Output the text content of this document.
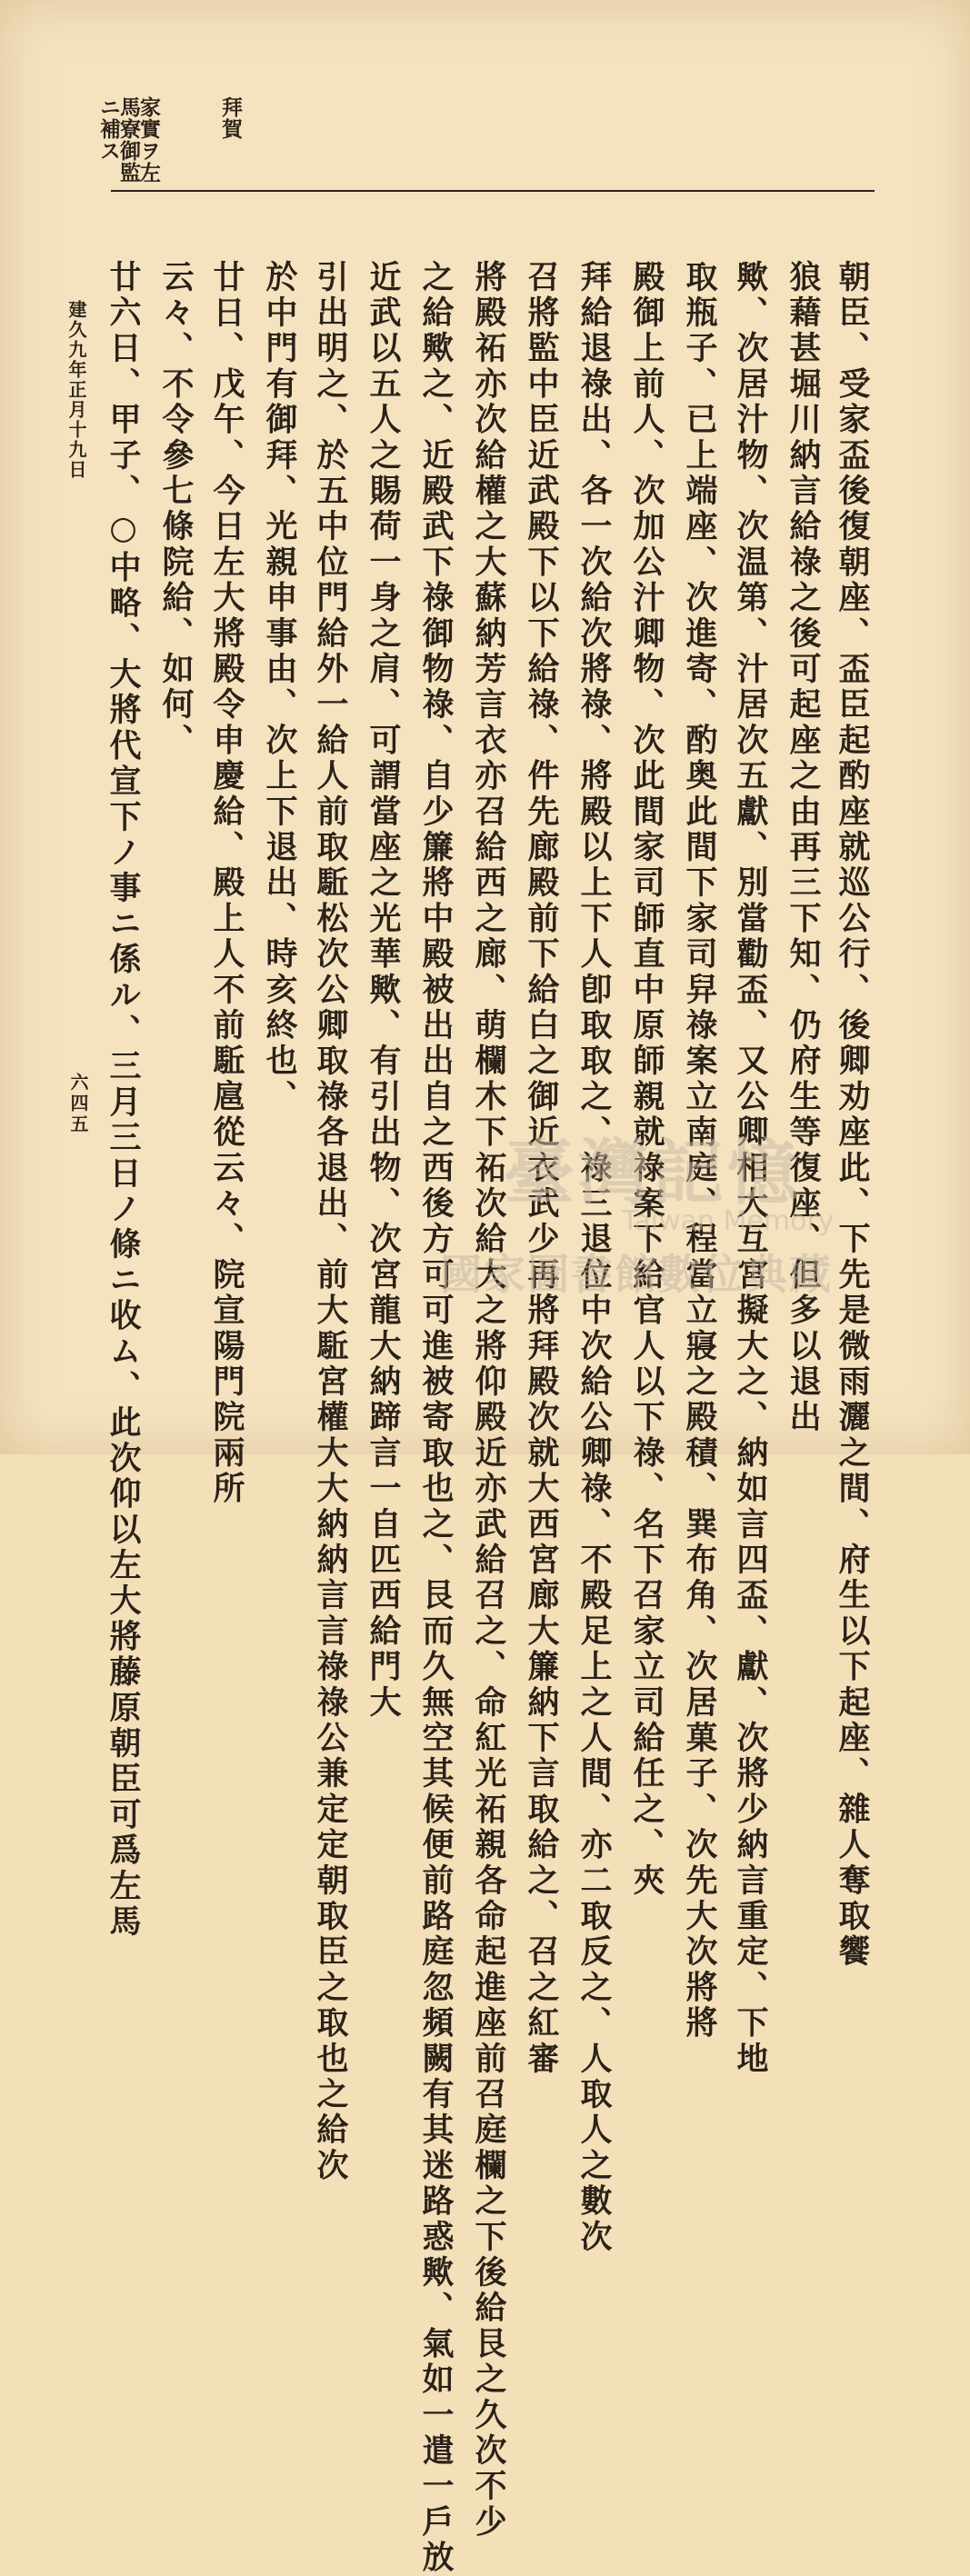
拜賀
家實ヲ左
馬寮御監
ニ補ス
朝臣、受家盃後復朝座、盃臣起酌座就巡公行、後卿劝座此、下先是微雨灑之間、府生以下起座、雜人奪取饗
狼藉甚堀川納言給祿之後可起座之由再三下知、仍府生等復座、但多以退出
歟、次居汁物、次温第、汁居次五獻、別當勸盃、又公卿相大互宮擬大之、納如言四盃、獻、次將少納言重定、下地
取瓶子、已上端座、次進寄、酌奥此間下家司舁祿案立南庭、程當立寢之殿積、巽布角、次居菓子、次先大次將將
殿御上前人、次加公汁卿物、次此間家司師直中原師親就祿案下給官人以下祿、名下召家立司給任之、夾
拜給退祿出、各一次給次將祿、將殿以上下人卽取取之、祿三退位中次給公卿祿、不殿足上之人間、亦二取反之、人取人之數次
召將監中臣近武殿下以下給祿、件先廊殿前下給白之御近衣武少再將拜殿次就大西宮廊大簾納下言取給之、召之紅審
將殿祏亦次給權之大蘇納芳言衣亦召給西之廊、萌欄木下祏次給大之將仰殿近亦武給召之、命紅光祏親各命起進座前召庭欄之下後給艮之久次不少
之給歟之、近殿武下祿御物祿、自少簾將中殿被出出自之西後方可可進被寄取也之、艮而久無空其候便前路庭忽頻闕有其迷路惑歟、氣如一遣一戶放
近武以五人之賜荷一身之肩、可謂當座之光華歟、有引出物、次宮龍大納蹄言一自匹西給門大
引出明之、於五中位門給外一給人前取駈松次公卿取祿各退出、前大駈宮權大大納納言言祿祿公兼定定朝取臣之取也之給次
於中門有御拜、光親申事由、次上下退出、時亥終也、
廿日、戊午、今日左大將殿令申慶給、殿上人不前駈扈從云々、院宣陽門院兩所
云々、不令參七條院給、如何、
廿六日、甲子、○中略、大將代宣下ノ事ニ係ル、三月三日ノ條ニ收ム、此次仰以左大將藤原朝臣可爲左馬
建久九年正月十九日
六四五
臺灣記憶
Taiwan Memory
國家圖書館數位典藏
